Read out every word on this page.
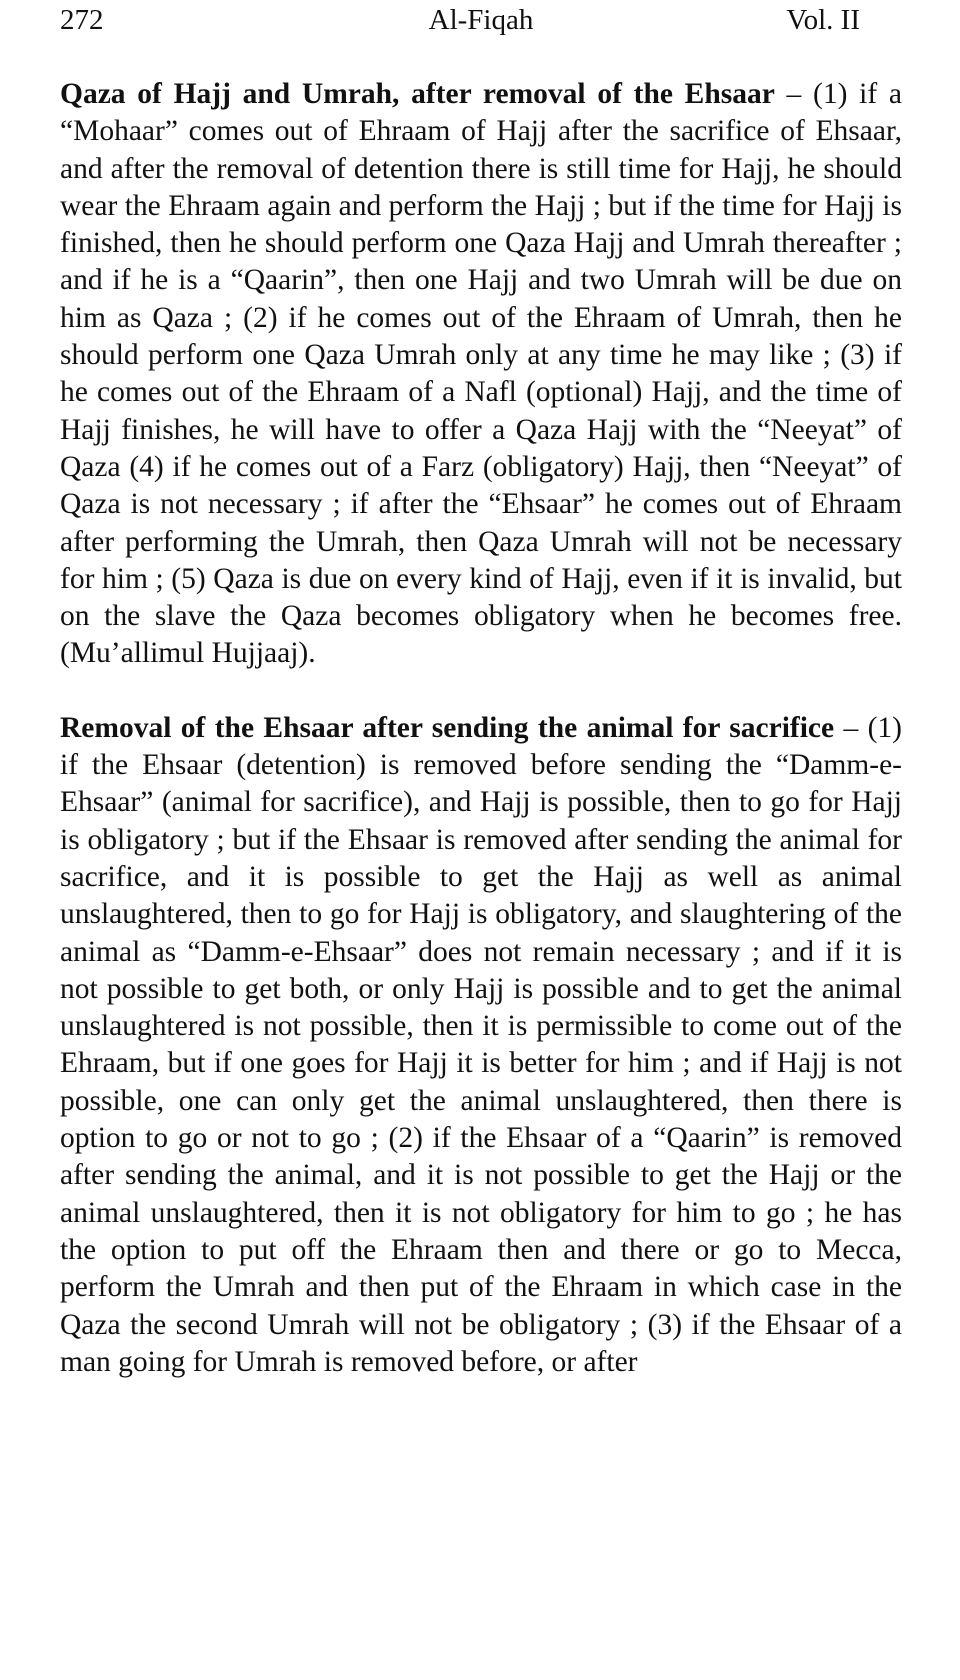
272	Al-Fiqah	Vol. II

Qaza of Hajj and Umrah, after removal of the Ehsaar – (1) if a “Mohaar” comes out of Ehraam of Hajj after the sacrifice of Ehsaar, and after the removal of detention there is still time for Hajj, he should wear the Ehraam again and perform the Hajj ; but if the time for Hajj is finished, then he should perform one Qaza Hajj and Umrah thereafter ; and if he is a “Qaarin”, then one Hajj and two Umrah will be due on him as Qaza ; (2) if he comes out of the Ehraam of Umrah, then he should perform one Qaza Umrah only at any time he may like ; (3) if he comes out of the Ehraam of a Nafl (optional) Hajj, and the time of Hajj finishes, he will have to offer a Qaza Hajj with the “Neeyat” of Qaza (4) if he comes out of a Farz (obligatory) Hajj, then “Neeyat” of Qaza is not necessary ; if after the “Ehsaar” he comes out of Ehraam after performing the Umrah, then Qaza Umrah will not be necessary for him ; (5) Qaza is due on every kind of Hajj, even if it is invalid, but on the slave the Qaza becomes obligatory when he becomes free. (Mu’allimul Hujjaaj).

Removal of the Ehsaar after sending the animal for sacrifice – (1) if the Ehsaar (detention) is removed before sending the “Damm-e-Ehsaar” (animal for sacrifice), and Hajj is possible, then to go for Hajj is obligatory ; but if the Ehsaar is removed after sending the animal for sacrifice, and it is possible to get the Hajj as well as animal unslaughtered, then to go for Hajj is obligatory, and slaughtering of the animal as “Damm-e-Ehsaar” does not remain necessary ; and if it is not possible to get both, or only Hajj is possible and to get the animal unslaughtered is not possible, then it is permissible to come out of the Ehraam, but if one goes for Hajj it is better for him ; and if Hajj is not possible, one can only get the animal unslaughtered, then there is option to go or not to go ; (2) if the Ehsaar of a “Qaarin” is removed after sending the animal, and it is not possible to get the Hajj or the animal unslaughtered, then it is not obligatory for him to go ; he has the option to put off the Ehraam then and there or go to Mecca, perform the Umrah and then put of the Ehraam in which case in the Qaza the second Umrah will not be obligatory ; (3) if the Ehsaar of a man going for Umrah is removed before, or after
